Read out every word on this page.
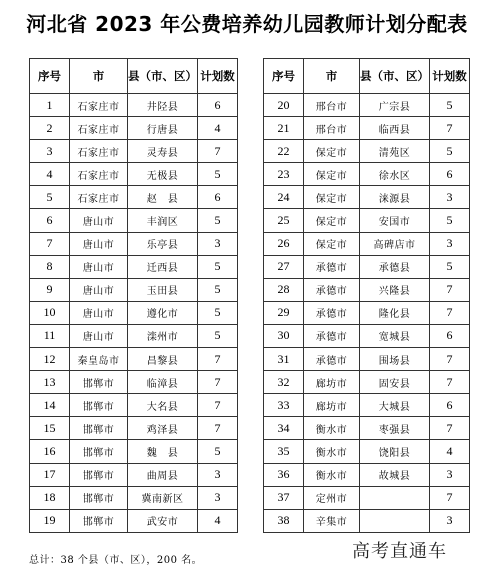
河北省 2023 年公费培养幼儿园教师计划分配表
序号	市	县（市、区）	计划数
1	石家庄市	井陉县	6
2	石家庄市	行唐县	4
3	石家庄市	灵寿县	7
4	石家庄市	无极县	5
5	石家庄市	赵　县	6
6	唐山市	丰润区	5
7	唐山市	乐亭县	3
8	唐山市	迁西县	5
9	唐山市	玉田县	5
10	唐山市	遵化市	5
11	唐山市	滦州市	5
12	秦皇岛市	昌黎县	7
13	邯郸市	临漳县	7
14	邯郸市	大名县	7
15	邯郸市	鸡泽县	7
16	邯郸市	魏　县	5
17	邯郸市	曲周县	3
18	邯郸市	冀南新区	3
19	邯郸市	武安市	4
序号	市	县（市、区）	计划数
20	邢台市	广宗县	5
21	邢台市	临西县	7
22	保定市	清苑区	5
23	保定市	徐水区	6
24	保定市	涞源县	3
25	保定市	安国市	5
26	保定市	高碑店市	3
27	承德市	承德县	5
28	承德市	兴隆县	7
29	承德市	隆化县	7
30	承德市	宽城县	6
31	承德市	围场县	7
32	廊坊市	固安县	7
33	廊坊市	大城县	6
34	衡水市	枣强县	7
35	衡水市	饶阳县	4
36	衡水市	故城县	3
37	定州市		7
38	辛集市		3
总计：38 个县（市、区），200 名。	高考直通车
